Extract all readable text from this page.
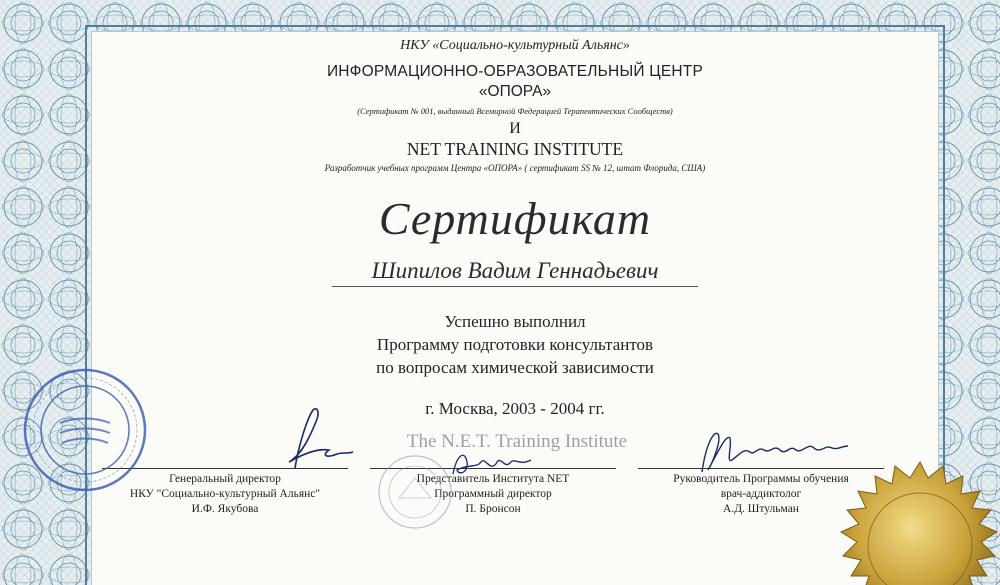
НКУ «Социально-культурный Альянс»
ИНФОРМАЦИОННО-ОБРАЗОВАТЕЛЬНЫЙ ЦЕНТР
«ОПОРА»
(Сертификат № 001, выданный Всемирной Федерацией Терапевтических Сообществ)
И
NET TRAINING INSTITUTE
Разработчик учебных программ Центра «ОПОРА» ( сертификат SS № 12, штат Флорида, США)
Сертификат
Шипилов Вадим Геннадьевич
Успешно выполнил
Программу подготовки консультантов
по вопросам химической зависимости
г. Москва, 2003 - 2004 гг.
The N.E.T. Training Institute
Генеральный директор
НКУ "Социально-культурный Альянс"
И.Ф. Якубова
Представитель Института NET
Программный директор
П. Бронсон
Руководитель Программы обучения
врач-аддиктолог
А.Д. Штульман
